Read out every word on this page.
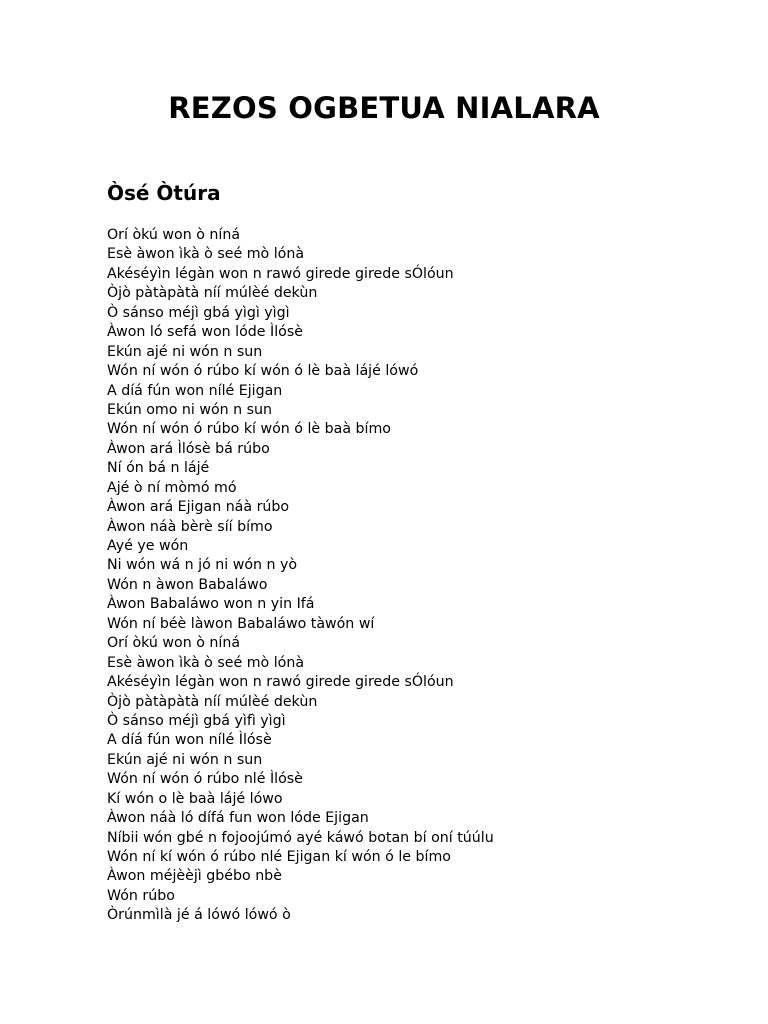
REZOS OGBETUA NIALARA
Òsé Òtúra
Orí òkú won ò níná
Esè àwon ìkà ò seé mò lónà
Akéséyìn légàn won n rawó girede girede sÓlóun
Òjò pàtàpàtà níí múlèé dekùn
Ò sánso méjì gbá yìgì yìgì
Àwon ló sefá won lóde Ìlósè
Ekún ajé ni wón n sun
Wón ní wón ó rúbo kí wón ó lè baà lájé lówó
A díá fún won nílé Ejigan
Ekún omo ni wón n sun
Wón ní wón ó rúbo kí wón ó lè baà bímo
Àwon ará Ìlósè bá rúbo
Ní ón bá n lájé
Ajé ò ní mòmó mó
Àwon ará Ejigan náà rúbo
Àwon náà bèrè síí bímo
Ayé ye wón
Ni wón wá n jó ni wón n yò
Wón n àwon Babaláwo
Àwon Babaláwo won n yin Ifá
Wón ní béè làwon Babaláwo tàwón wí
Orí òkú won ò níná
Esè àwon ìkà ò seé mò lónà
Akéséyìn légàn won n rawó girede girede sÓlóun
Òjò pàtàpàtà níí múlèé dekùn
Ò sánso méjì gbá yìfì yìgì
A díá fún won nílé Ìlósè
Ekún ajé ni wón n sun
Wón ní wón ó rúbo nlé Ìlósè
Kí wón o lè baà lájé lówo
Àwon náà ló dífá fun won lóde Ejigan
Níbii wón gbé n fojoojúmó ayé káwó botan bí oní túúlu
Wón ní kí wón ó rúbo nlé Ejigan kí wón ó le bímo
Àwon méjèèjì gbébo nbè
Wón rúbo
Òrúnmìlà jé á lówó lówó ò
